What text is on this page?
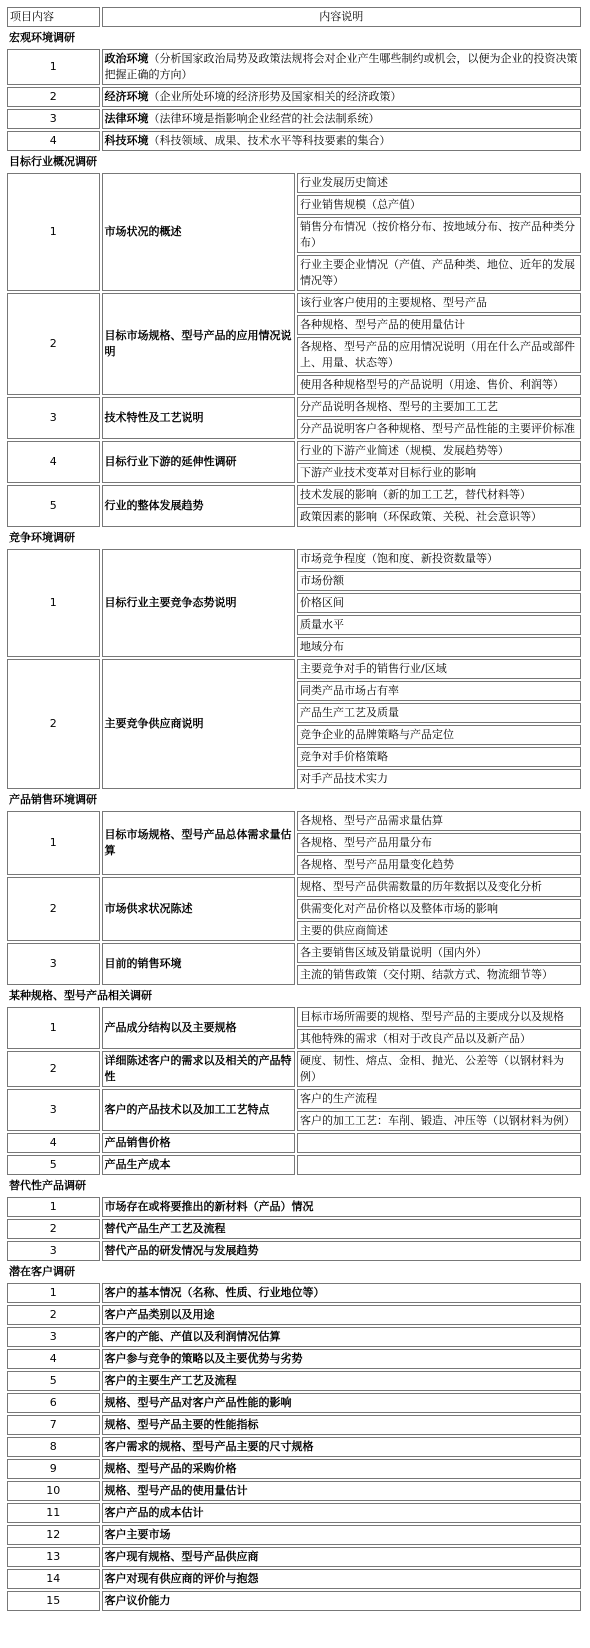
项目内容	内容说明	
宏观环境调研		
1	政治环境（分析国家政治局势及政策法规将会对企业产生哪些制约或机会，以便为企业的投资决策把握正确的方向）	
2	经济环境（企业所处环境的经济形势及国家相关的经济政策）	
3	法律环境（法律环境是指影响企业经营的社会法制系统）	
4	科技环境（科技领域、成果、技术水平等科技要素的集合）	
目标行业概况调研		
1	市场状况的概述	行业发展历史简述
		行业销售规模（总产值）
		销售分布情况（按价格分布、按地域分布、按产品种类分布）
		行业主要企业情况（产值、产品种类、地位、近年的发展情况等）
2	目标市场规格、型号产品的应用情况说明	该行业客户使用的主要规格、型号产品
		各种规格、型号产品的使用量估计
		各规格、型号产品的应用情况说明（用在什么产品或部件上、用量、状态等）
		使用各种规格型号的产品说明（用途、售价、利润等）
3	技术特性及工艺说明	分产品说明各规格、型号的主要加工工艺
		分产品说明客户各种规格、型号产品性能的主要评价标准
4	目标行业下游的延伸性调研	行业的下游产业简述（规模、发展趋势等）
		下游产业技术变革对目标行业的影响
5	行业的整体发展趋势	技术发展的影响（新的加工工艺，替代材料等）
		政策因素的影响（环保政策、关税、社会意识等）
竞争环境调研		
1	目标行业主要竞争态势说明	市场竞争程度（饱和度、新投资数量等）
		市场份额
		价格区间
		质量水平
		地域分布
2	主要竞争供应商说明	主要竞争对手的销售行业/区域
		同类产品市场占有率
		产品生产工艺及质量
		竞争企业的品牌策略与产品定位
		竞争对手价格策略
		对手产品技术实力
产品销售环境调研		
1	目标市场规格、型号产品总体需求量估算	各规格、型号产品需求量估算
		各规格、型号产品用量分布
		各规格、型号产品用量变化趋势
2	市场供求状况陈述	规格、型号产品供需数量的历年数据以及变化分析
		供需变化对产品价格以及整体市场的影响
		主要的供应商简述
3	目前的销售环境	各主要销售区域及销量说明（国内外）
		主流的销售政策（交付期、结款方式、物流细节等）
某种规格、型号产品相关调研		
1	产品成分结构以及主要规格	目标市场所需要的规格、型号产品的主要成分以及规格
		其他特殊的需求（相对于改良产品以及新产品）
2	详细陈述客户的需求以及相关的产品特性	硬度、韧性、熔点、金相、抛光、公差等（以钢材料为例）
3	客户的产品技术以及加工工艺特点	客户的生产流程
		客户的加工工艺：车削、锻造、冲压等（以钢材料为例）
4	产品销售价格	
5	产品生产成本	
替代性产品调研		
1	市场存在或将要推出的新材料（产品）情况	
2	替代产品生产工艺及流程	
3	替代产品的研发情况与发展趋势	
潜在客户调研		
1	客户的基本情况（名称、性质、行业地位等）	
2	客户产品类别以及用途	
3	客户的产能、产值以及利润情况估算	
4	客户参与竞争的策略以及主要优势与劣势	
5	客户的主要生产工艺及流程	
6	规格、型号产品对客户产品性能的影响	
7	规格、型号产品主要的性能指标	
8	客户需求的规格、型号产品主要的尺寸规格	
9	规格、型号产品的采购价格	
10	规格、型号产品的使用量估计	
11	客户产品的成本估计	
12	客户主要市场	
13	客户现有规格、型号产品供应商	
14	客户对现有供应商的评价与抱怨	
15	客户议价能力	
